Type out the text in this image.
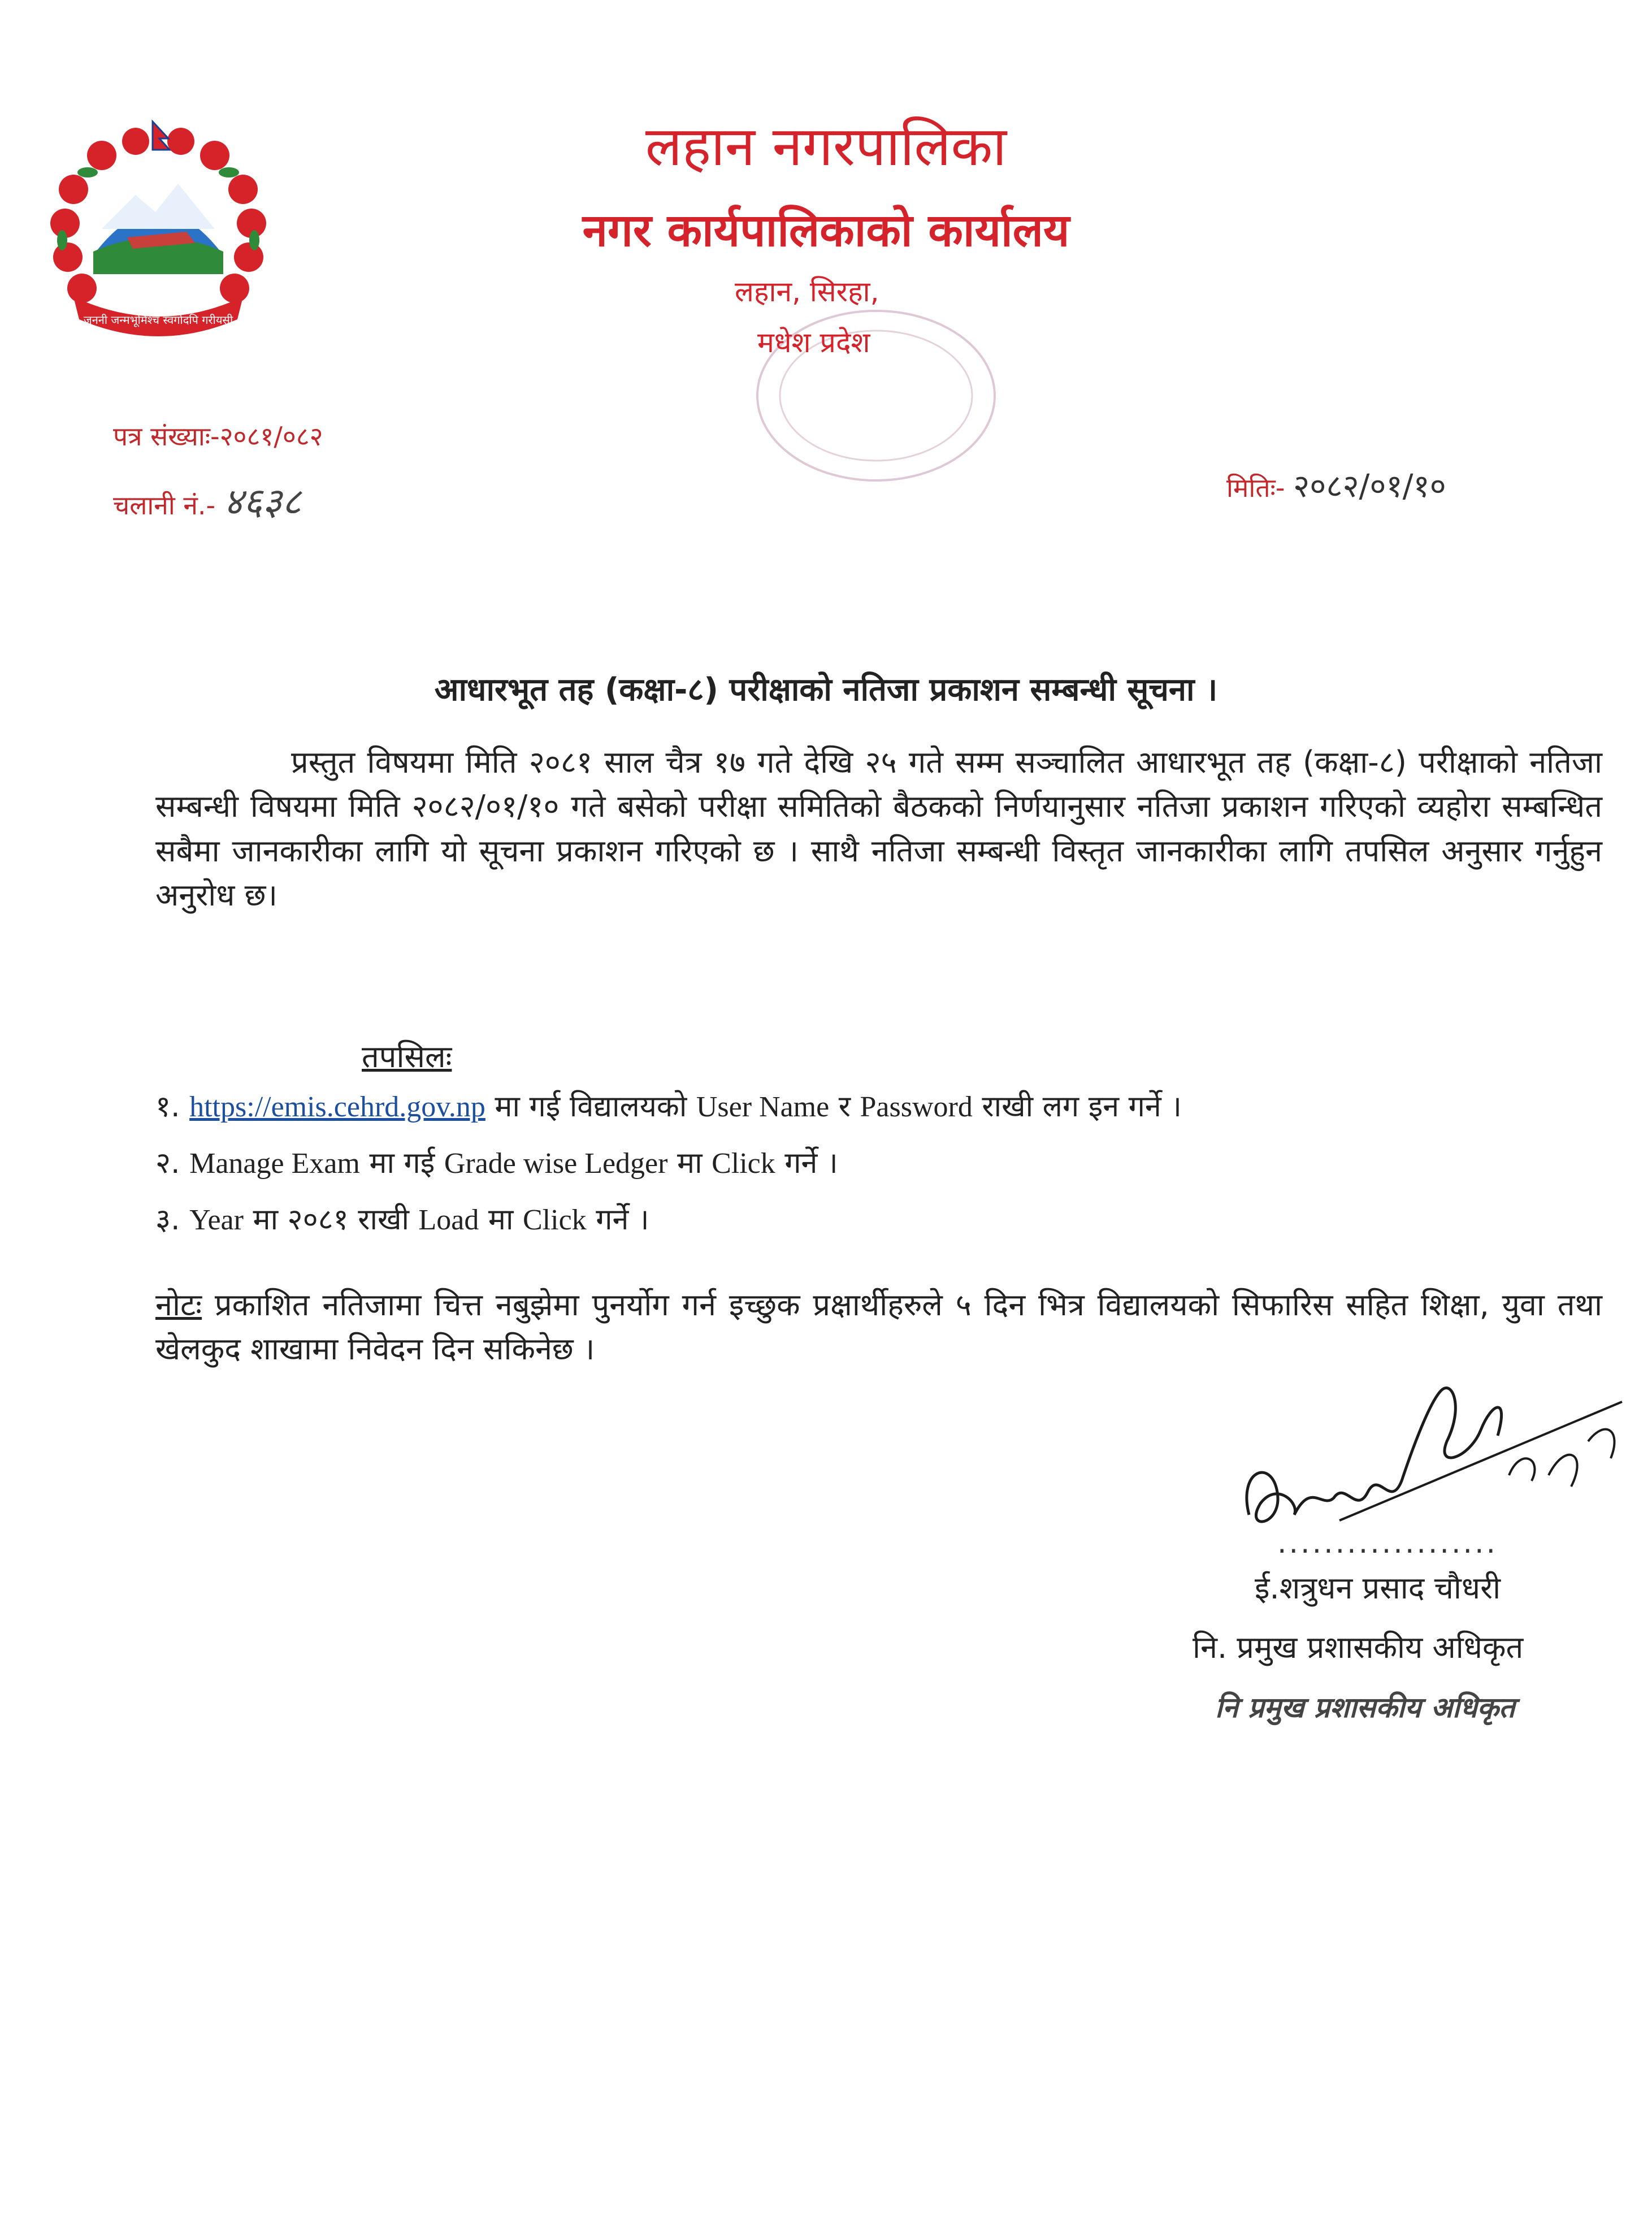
जननी जन्मभूमिश्च स्वर्गादपि गरीयसी
लहान नगरपालिका
नगर कार्यपालिकाको कार्यालय
लहान, सिरहा,
मधेश प्रदेश
पत्र संख्याः-२०८१/०८२
चलानी नं.- ४६३८	मितिः- २०८२/०१/१०
आधारभूत तह (कक्षा-८) परीक्षाको नतिजा प्रकाशन सम्बन्धी सूचना ।

प्रस्तुत विषयमा मिति २०८१ साल चैत्र १७ गते देखि २५ गते सम्म सञ्चालित आधारभूत तह (कक्षा-८) परीक्षाको नतिजा सम्बन्धी विषयमा मिति २०८२/०१/१० गते बसेको परीक्षा समितिको बैठकको निर्णयानुसार नतिजा प्रकाशन गरिएको व्यहोरा सम्बन्धित सबैमा जानकारीका लागि यो सूचना प्रकाशन गरिएको छ । साथै नतिजा सम्बन्धी विस्तृत जानकारीका लागि तपसिल अनुसार गर्नुहुन अनुरोध छ।

तपसिलः
१. https://emis.cehrd.gov.np मा गई विद्यालयको User Name र Password राखी लग इन गर्ने ।
२. Manage Exam मा गई Grade wise Ledger मा Click गर्ने ।
३. Year मा २०८१ राखी Load मा Click गर्ने ।
नोटः प्रकाशित नतिजामा चित्त नबुझेमा पुनर्योग गर्न इच्छुक प्रक्षार्थीहरुले ५ दिन भित्र विद्यालयको सिफारिस सहित शिक्षा, युवा तथा खेलकुद शाखामा निवेदन दिन सकिनेछ ।
...................
ई.शत्रुधन प्रसाद चौधरी
नि. प्रमुख प्रशासकीय अधिकृत
नि प्रमुख प्रशासकीय अधिकृत
